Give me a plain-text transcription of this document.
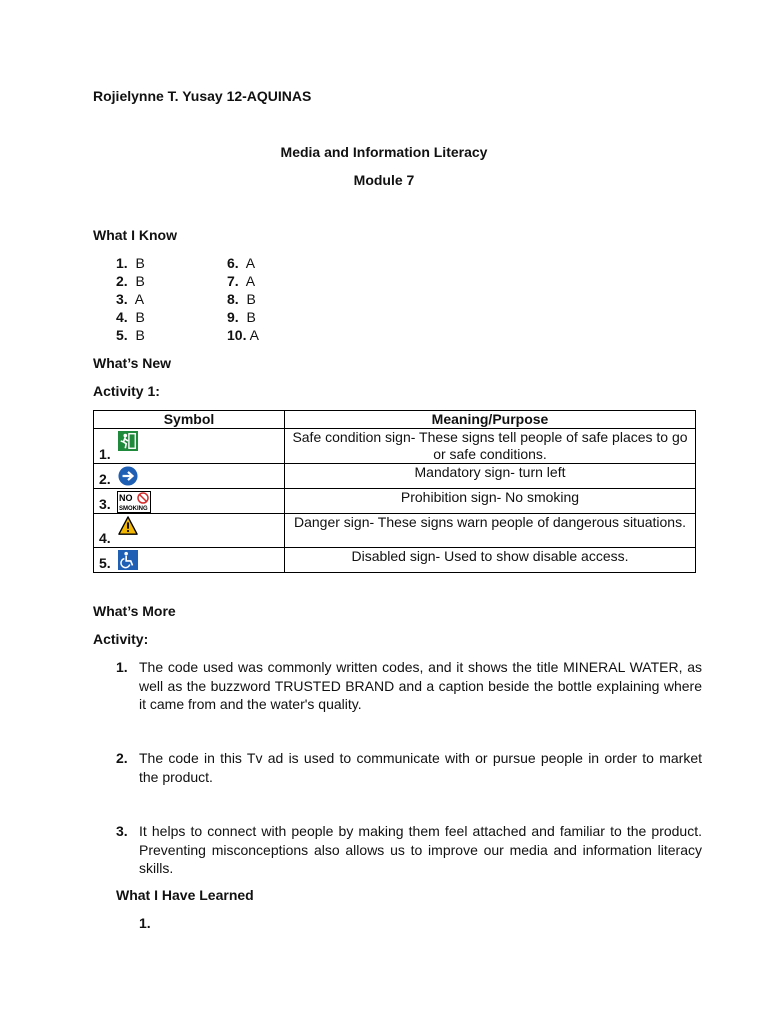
Rojielynne T. Yusay 12-AQUINAS
Media and Information Literacy
Module 7
What I Know
1. B
2. B
3. A
4. B
5. B
6. A
7. A
8. B
9. B
10. A
What’s New
Activity 1:
Symbol	Meaning/Purpose

1.	Safe condition sign- These signs tell people of safe places to go or safe conditions.

2.	Mandatory sign- turn left

3. NO
SMOKING	Prohibition sign- No smoking

4.	Danger sign- These signs warn people of dangerous situations.

5.	Disabled sign- Used to show disable access.
What’s More
Activity:
1. The code used was commonly written codes, and it shows the title MINERAL WATER, as well as the buzzword TRUSTED BRAND and a caption beside the bottle explaining where it came from and the water's quality.
2. The code in this Tv ad is used to communicate with or pursue people in order to market the product.
3. It helps to connect with people by making them feel attached and familiar to the product. Preventing misconceptions also allows us to improve our media and information literacy skills.
What I Have Learned
1.
